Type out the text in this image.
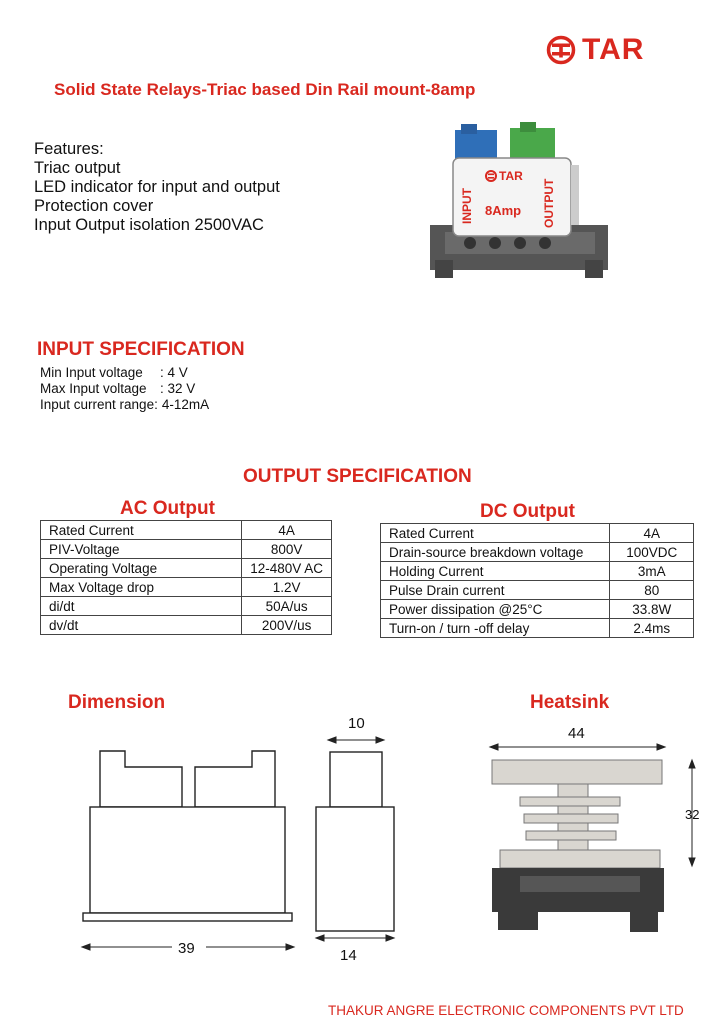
TAR
Solid State Relays-Triac based Din Rail mount-8amp
Features:
Triac output
LED indicator for input and output
Protection cover
Input Output isolation 2500VAC
TAR
8Amp
INPUT	OUTPUT
INPUT SPECIFICATION
Min Input voltage	: 4 V
Max Input voltage : 32 V
Input current range: 4-12mA
OUTPUT SPECIFICATION
AC Output
Rated Current	4A
PIV-Voltage	800V
Operating Voltage	12-480V AC
Max Voltage drop	1.2V
di/dt	50A/us
dv/dt	200V/us
DC Output
Rated Current	4A
Drain-source breakdown voltage	100VDC
Holding Current	3mA
Pulse Drain current	80
Power dissipation @25°C	33.8W
Turn-on / turn -off delay	2.4ms
Dimension
39
10
14
Heatsink
44
32
THAKUR ANGRE ELECTRONIC COMPONENTS PVT LTD
